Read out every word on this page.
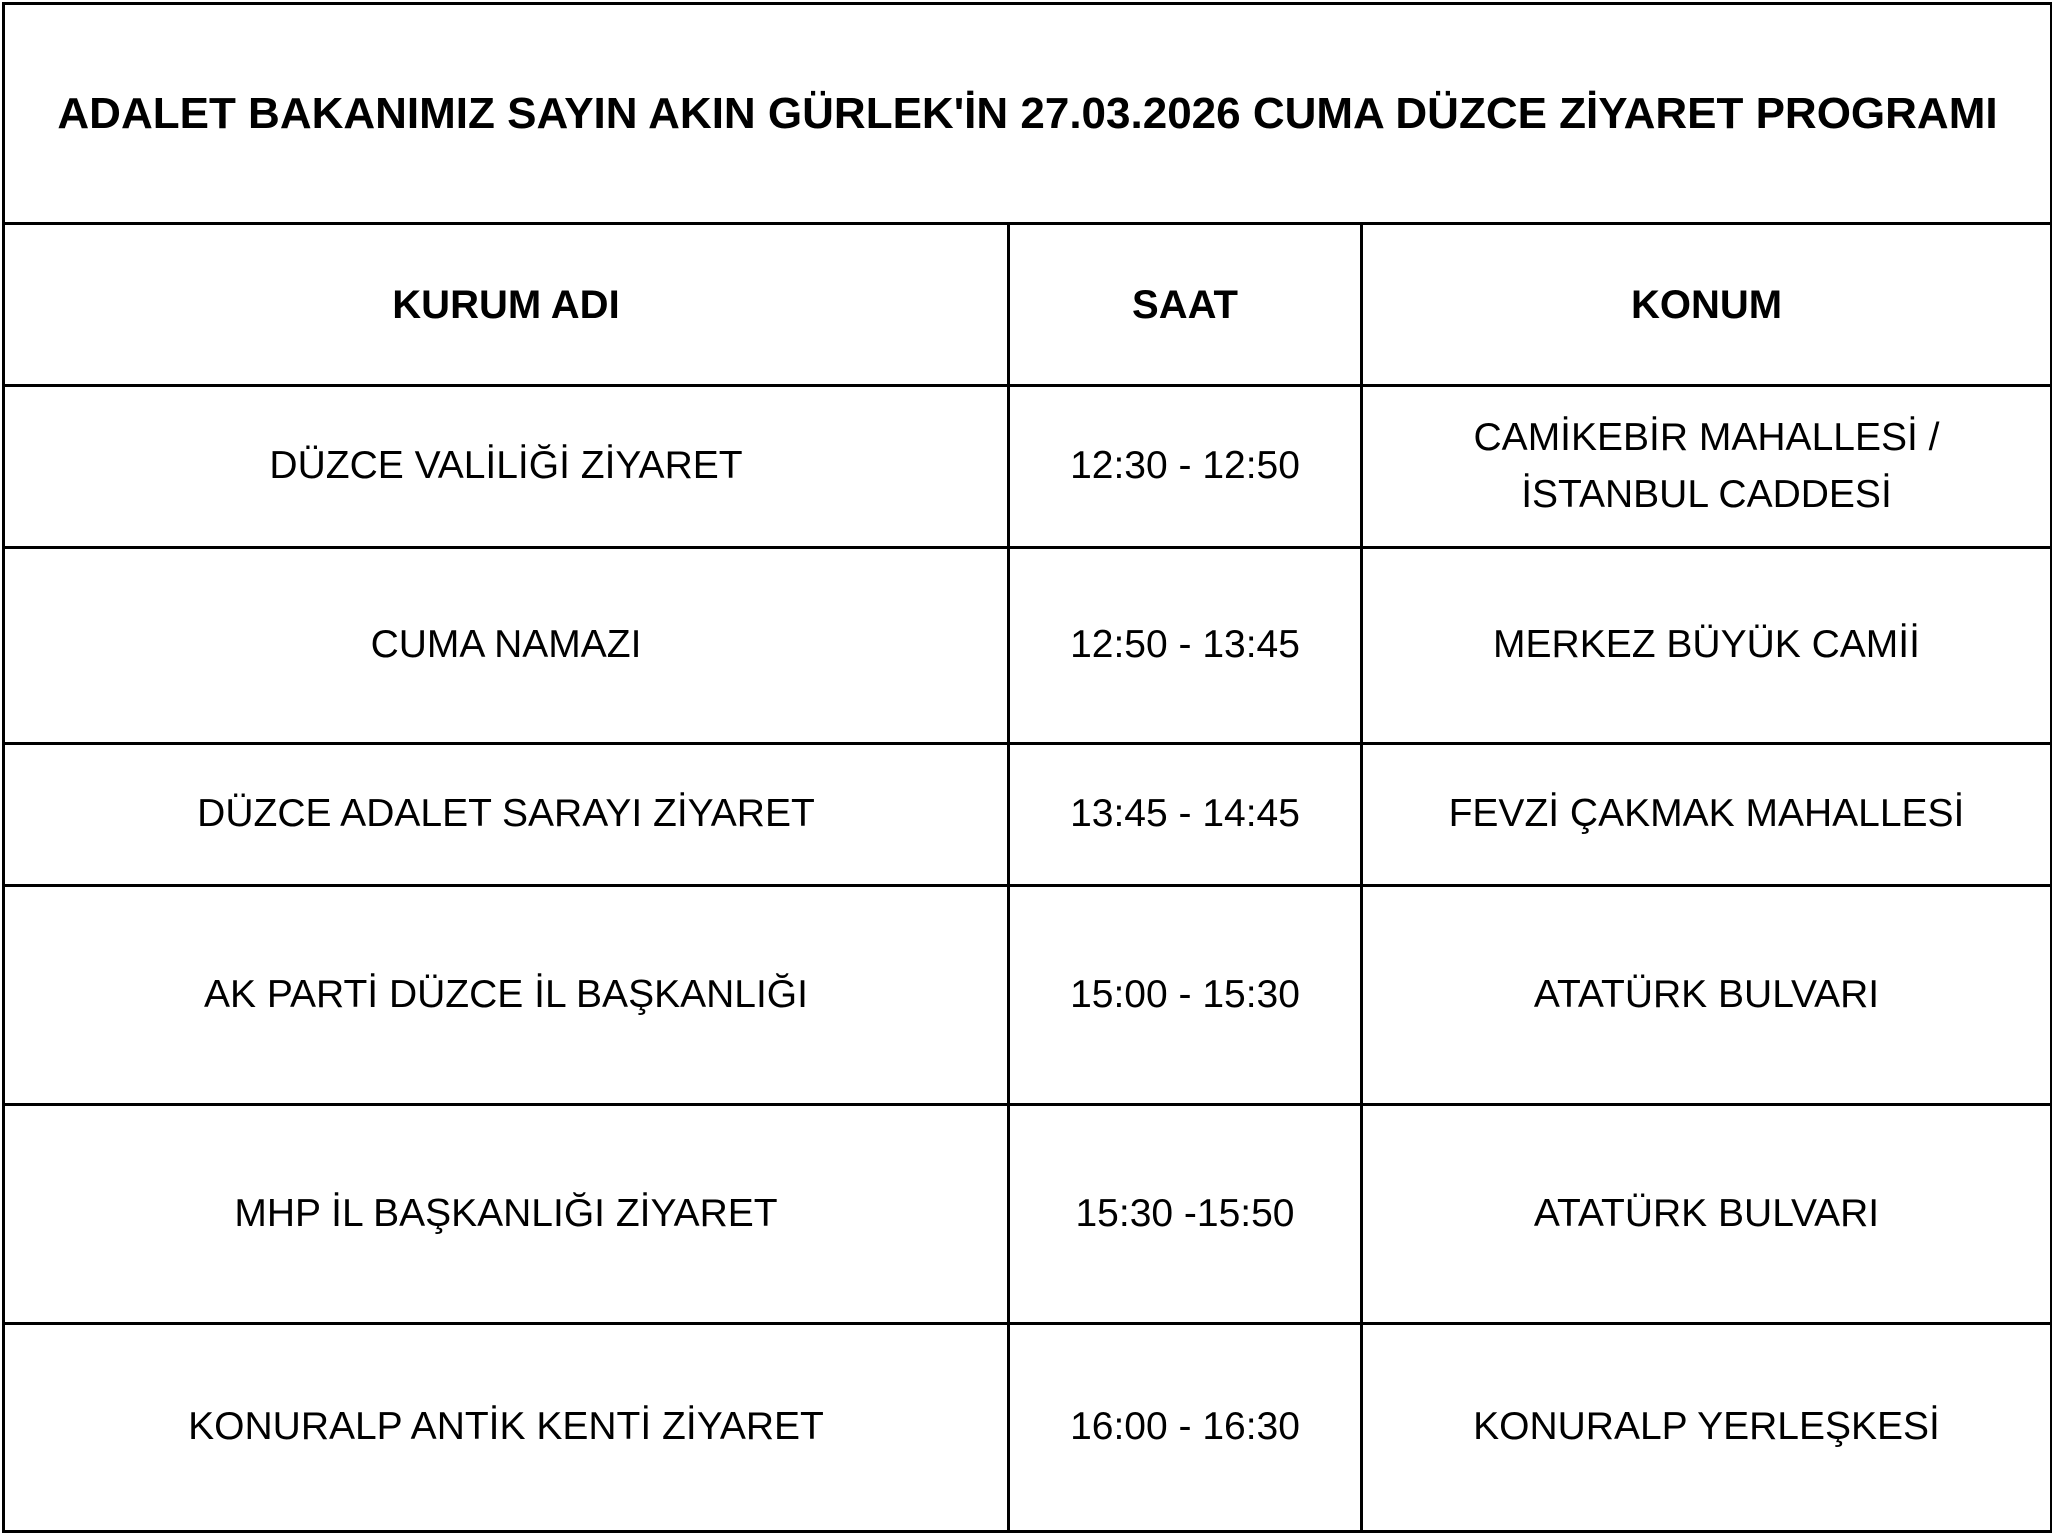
ADALET BAKANIMIZ SAYIN AKIN GÜRLEK'İN 27.03.2026 CUMA DÜZCE ZİYARET PROGRAMI		
KURUM ADI	SAAT	KONUM
DÜZCE VALİLİĞİ ZİYARET	12:30 - 12:50	CAMİKEBİR MAHALLESİ / İSTANBUL CADDESİ
CUMA NAMAZI	12:50 - 13:45	MERKEZ BÜYÜK CAMİİ
DÜZCE ADALET SARAYI ZİYARET	13:45 - 14:45	FEVZİ ÇAKMAK MAHALLESİ
AK PARTİ DÜZCE İL BAŞKANLIĞI	15:00 - 15:30	ATATÜRK BULVARI
MHP İL BAŞKANLIĞI ZİYARET	15:30 -15:50	ATATÜRK BULVARI
KONURALP ANTİK KENTİ ZİYARET	16:00 - 16:30	KONURALP YERLEŞKESİ
